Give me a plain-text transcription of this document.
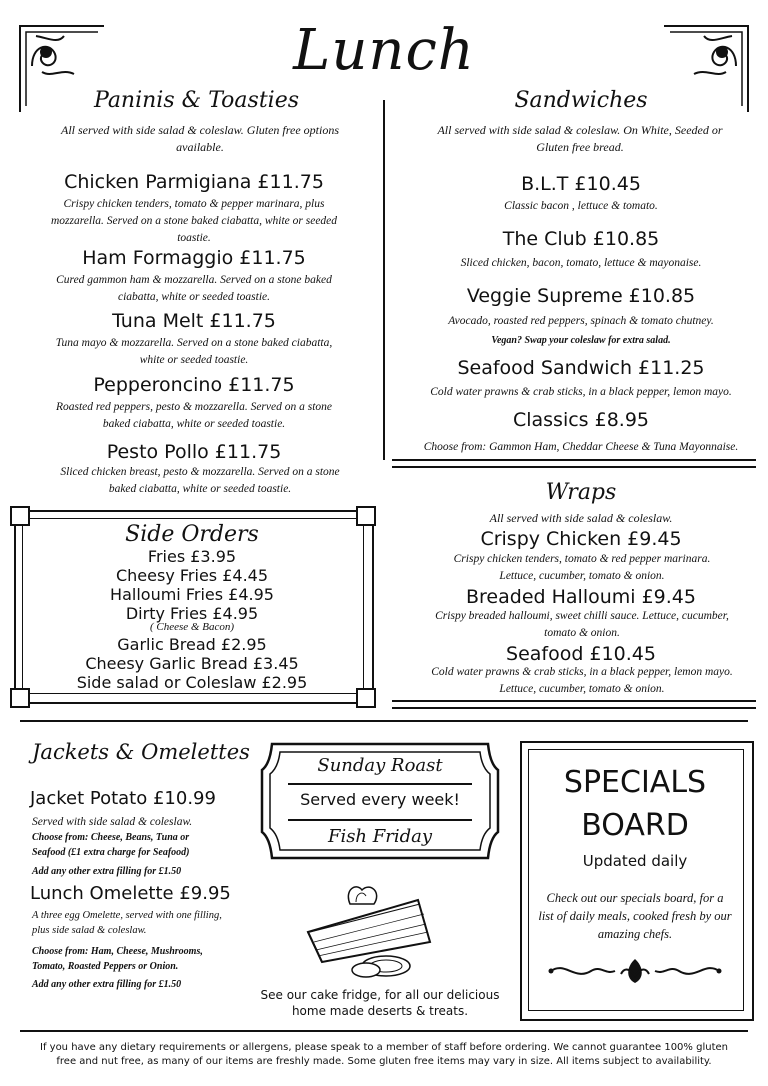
Lunch
Paninis & Toasties
All served with side salad & coleslaw. Gluten free options available.
Chicken Parmigiana £11.75
Crispy chicken tenders, tomato & pepper marinara, plus mozzarella. Served on a stone baked ciabatta, white or seeded toastie.
Ham Formaggio £11.75
Cured gammon ham & mozzarella. Served on a stone baked ciabatta, white or seeded toastie.
Tuna Melt £11.75
Tuna mayo & mozzarella. Served on a stone baked ciabatta, white or seeded toastie.
Pepperoncino £11.75
Roasted red peppers, pesto & mozzarella. Served on a stone baked ciabatta, white or seeded toastie.
Pesto Pollo £11.75
Sliced chicken breast, pesto & mozzarella. Served on a stone baked ciabatta, white or seeded toastie.
Sandwiches
All served with side salad & coleslaw. On White, Seeded or Gluten free bread.
B.L.T £10.45
Classic bacon , lettuce & tomato.
The Club £10.85
Sliced chicken, bacon, tomato, lettuce & mayonaise.
Veggie Supreme £10.85
Avocado, roasted red peppers, spinach & tomato chutney.
Vegan? Swap your coleslaw for extra salad.
Seafood Sandwich £11.25
Cold water prawns & crab sticks, in a black pepper, lemon mayo.
Classics £8.95
Choose from: Gammon Ham, Cheddar Cheese & Tuna Mayonnaise.
Side Orders
Fries £3.95
Cheesy Fries £4.45
Halloumi Fries £4.95
Dirty Fries £4.95
( Cheese & Bacon)
Garlic Bread £2.95
Cheesy Garlic Bread £3.45
Side salad or Coleslaw £2.95
Wraps
All served with side salad & coleslaw.
Crispy Chicken £9.45
Crispy chicken tenders, tomato & red pepper marinara. Lettuce, cucumber, tomato & onion.
Breaded Halloumi £9.45
Crispy breaded halloumi, sweet chilli sauce. Lettuce, cucumber, tomato & onion.
Seafood £10.45
Cold water prawns & crab sticks, in a black pepper, lemon mayo. Lettuce, cucumber, tomato & onion.
Jackets & Omelettes
Jacket Potato £10.99
Served with side salad & coleslaw.
Choose from: Cheese, Beans, Tuna or Seafood (£1 extra charge for Seafood)
Add any other extra filling for £1.50
Lunch Omelette £9.95
A three egg Omelette, served with one filling, plus side salad & coleslaw.
Choose from: Ham, Cheese, Mushrooms, Tomato, Roasted Peppers or Onion.
Add any other extra filling for £1.50
Sunday Roast
Served every week!
Fish Friday
See our cake fridge, for all our delicious home made deserts & treats.
SPECIALS
BOARD
Updated daily
Check out our specials board, for a list of daily meals, cooked fresh by our amazing chefs.
If you have any dietary requirements or allergens, please speak to a member of staff before ordering. We cannot guarantee 100% gluten free and nut free, as many of our items are freshly made. Some gluten free items may vary in size. All items subject to availability.
